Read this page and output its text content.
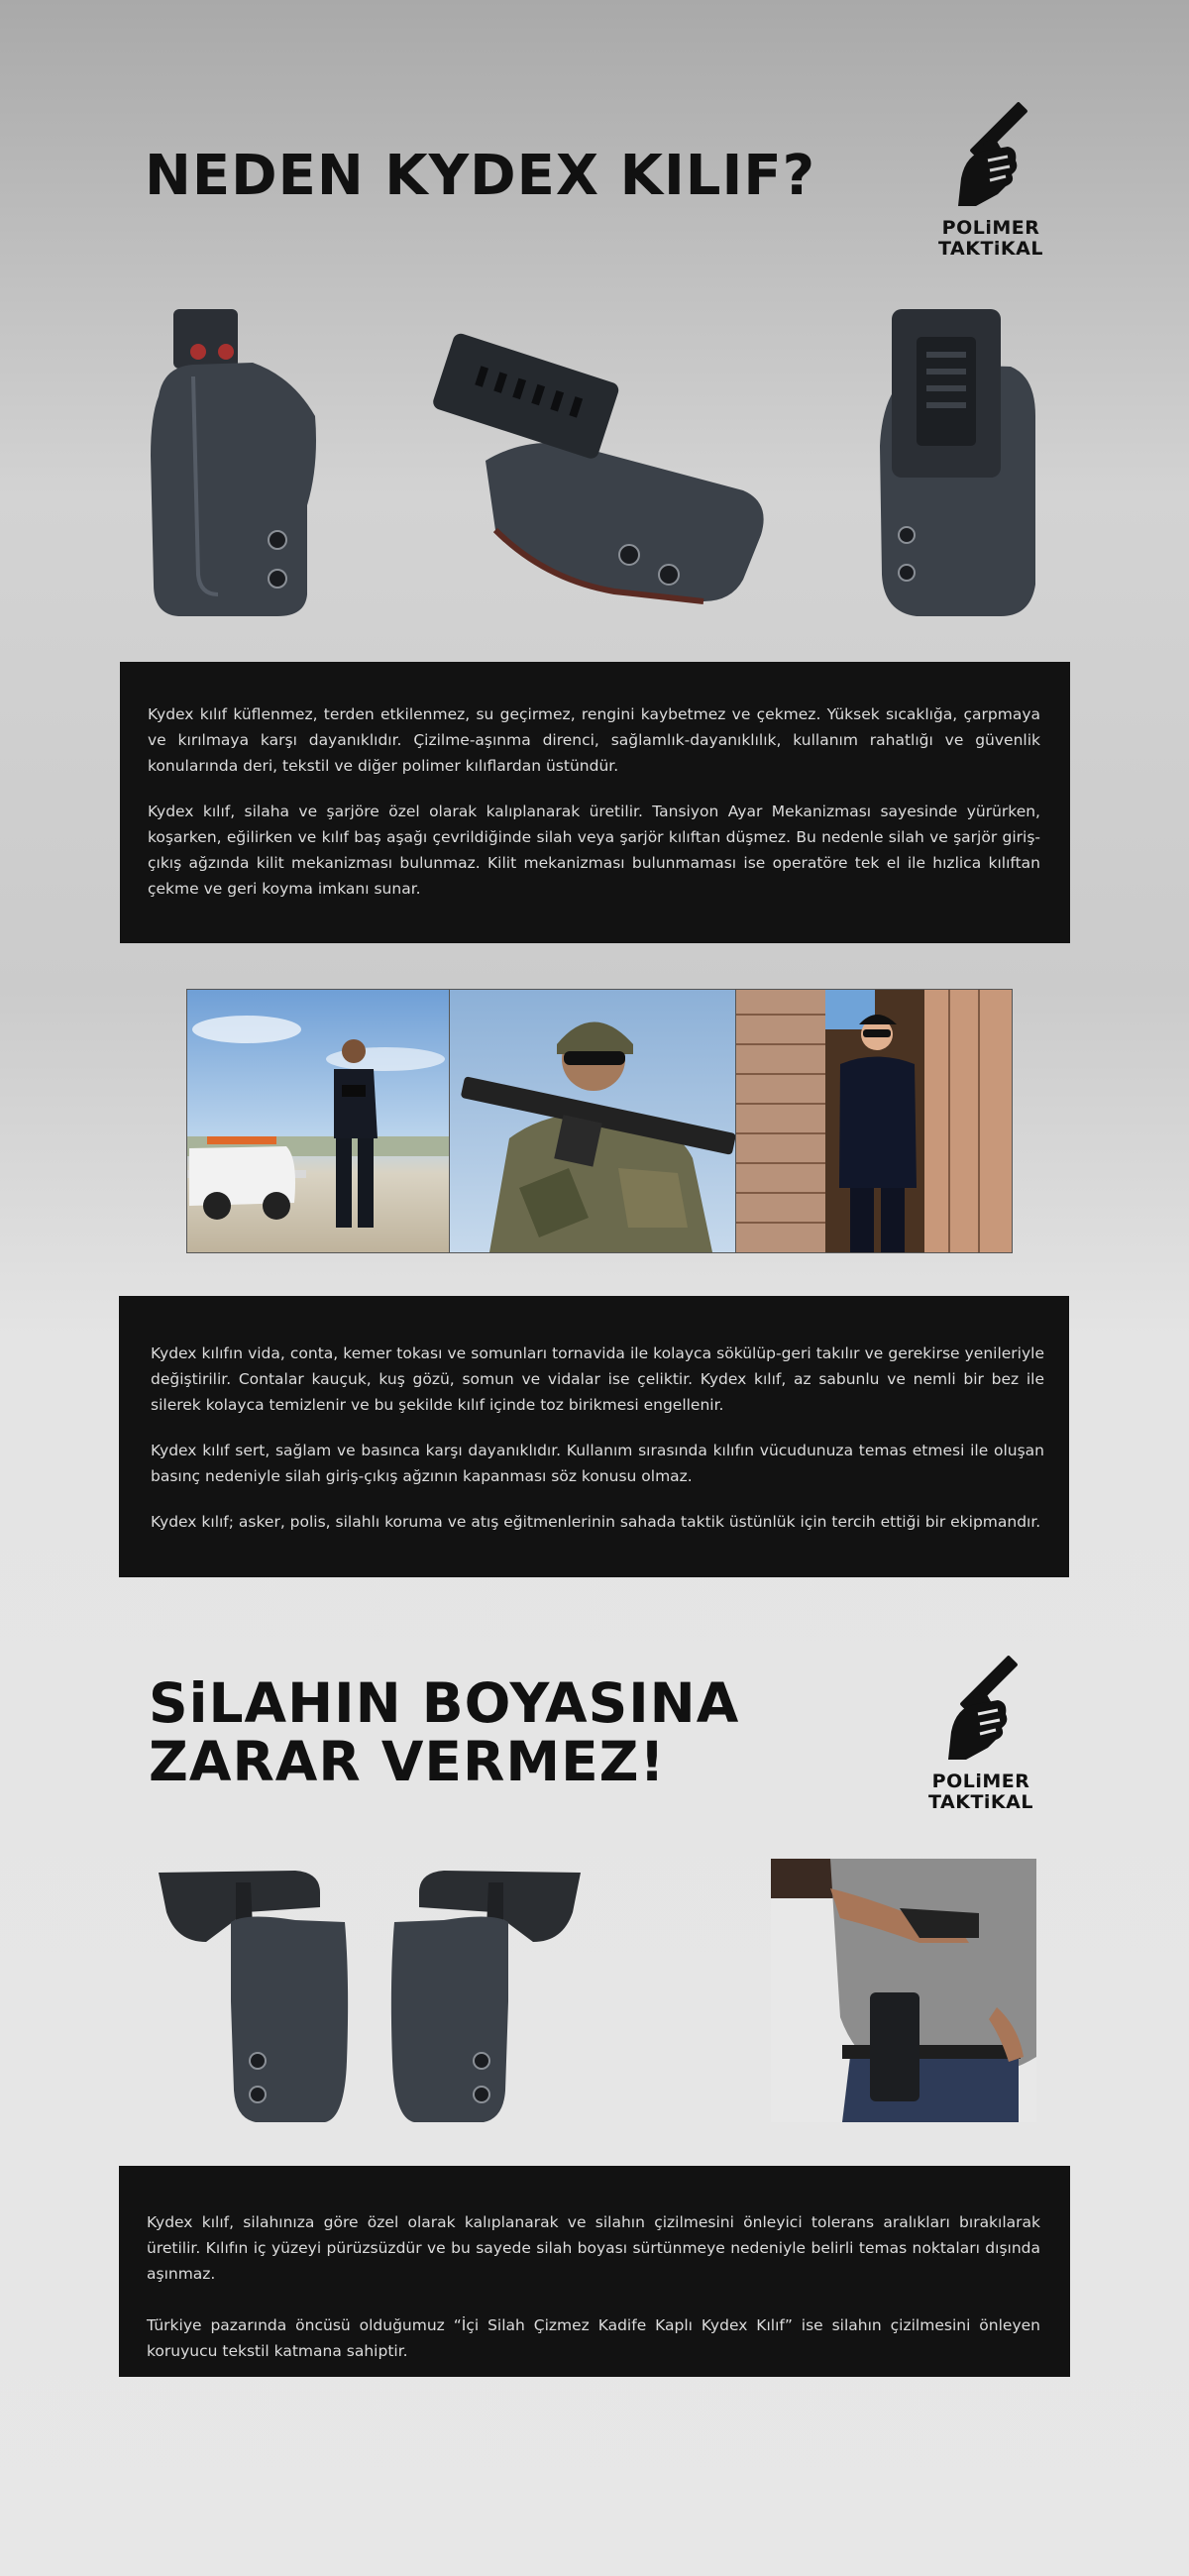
NEDEN KYDEX KILIF?
POLiMER
TAKTiKAL

Kydex kılıf küflenmez, terden etkilenmez, su geçirmez, rengini kaybetmez ve çekmez. Yüksek sıcaklığa, çarpmaya ve kırılmaya karşı dayanıklıdır. Çizilme-aşınma direnci, sağlamlık-dayanıklılık, kullanım rahatlığı ve güvenlik konularında deri, tekstil ve diğer polimer kılıflardan üstündür.

Kydex kılıf, silaha ve şarjöre özel olarak kalıplanarak üretilir. Tansiyon Ayar Mekanizması sayesinde yürürken, koşarken, eğilirken ve kılıf baş aşağı çevrildiğinde silah veya şarjör kılıftan düşmez. Bu nedenle silah ve şarjör giriş-çıkış ağzında kilit mekanizması bulunmaz. Kilit mekanizması bulunmaması ise operatöre tek el ile hızlica kılıftan çekme ve geri koyma imkanı sunar.

Kydex kılıfın vida, conta, kemer tokası ve somunları tornavida ile kolayca sökülüp-geri takılır ve gerekirse yenileriyle değiştirilir. Contalar kauçuk, kuş gözü, somun ve vidalar ise çeliktir. Kydex kılıf, az sabunlu ve nemli bir bez ile silerek kolayca temizlenir ve bu şekilde kılıf içinde toz birikmesi engellenir.

Kydex kılıf sert, sağlam ve basınca karşı dayanıklıdır. Kullanım sırasında kılıfın vücudunuza temas etmesi ile oluşan basınç nedeniyle silah giriş-çıkış ağzının kapanması söz konusu olmaz.

Kydex kılıf; asker, polis, silahlı koruma ve atış eğitmenlerinin sahada taktik üstünlük için tercih ettiği bir ekipmandır.

SiLAHIN BOYASINA
ZARAR VERMEZ!	POLiMER
TAKTiKAL

Kydex kılıf, silahınıza göre özel olarak kalıplanarak ve silahın çizilmesini önleyici tolerans aralıkları bırakılarak üretilir. Kılıfın iç yüzeyi pürüzsüzdür ve bu sayede silah boyası sürtünmeye nedeniyle belirli temas noktaları dışında aşınmaz.

Türkiye pazarında öncüsü olduğumuz “İçi Silah Çizmez Kadife Kaplı Kydex Kılıf” ise silahın çizilmesini önleyen koruyucu tekstil katmana sahiptir.
